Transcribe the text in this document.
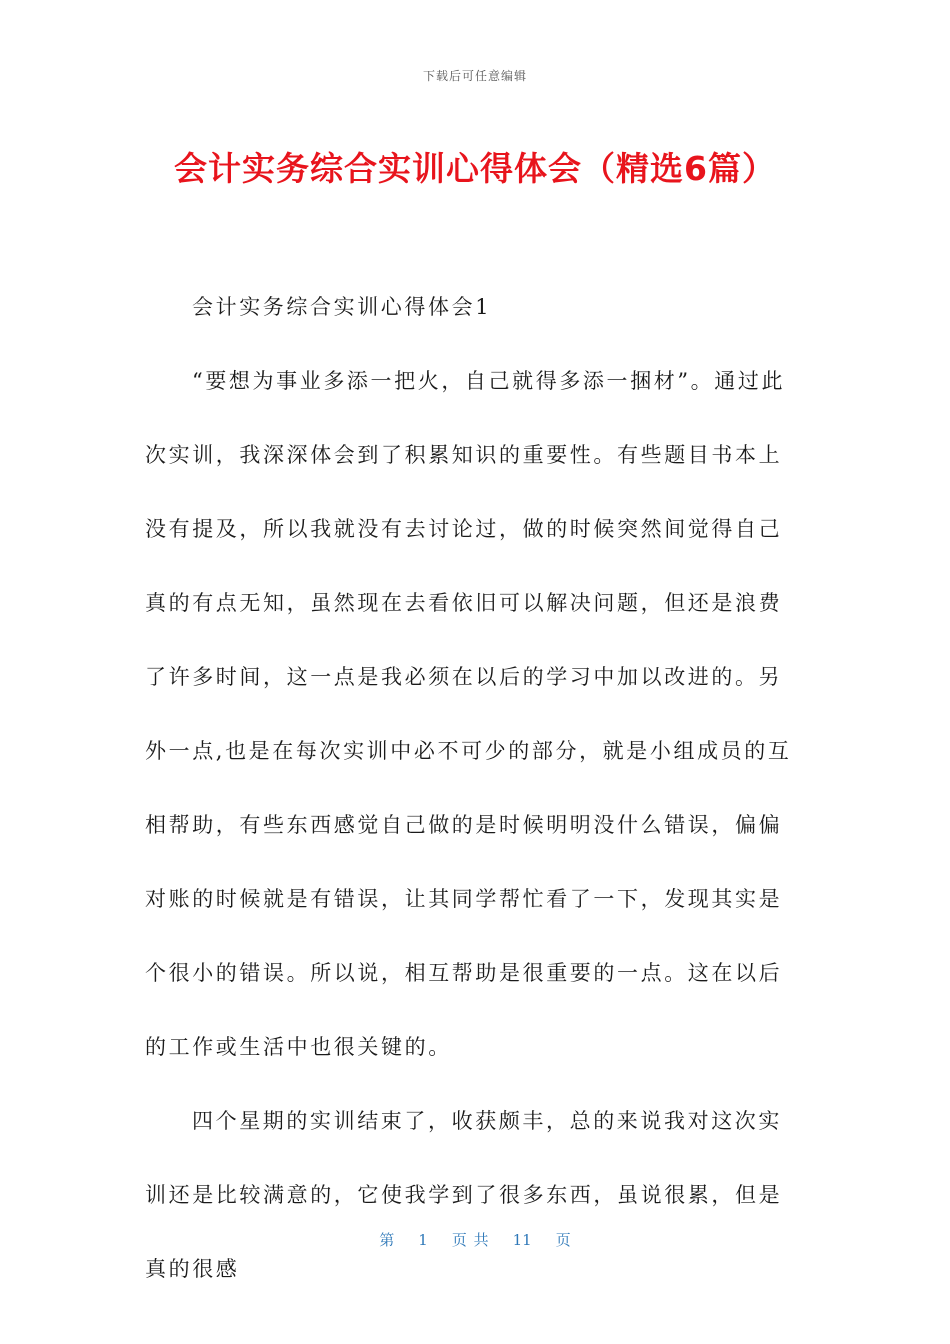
下载后可任意编辑
会计实务综合实训心得体会（精选6篇）

会计实务综合实训心得体会1

“要想为事业多添一把火，自己就得多添一捆材”。通过此次实训，我深深体会到了积累知识的重要性。有些题目书本上没有提及，所以我就没有去讨论过，做的时候突然间觉得自己真的有点无知，虽然现在去看依旧可以解决问题，但还是浪费了许多时间，这一点是我必须在以后的学习中加以改进的。另外一点,也是在每次实训中必不可少的部分，就是小组成员的互相帮助，有些东西感觉自己做的是时候明明没什么错误，偏偏对账的时候就是有错误，让其同学帮忙看了一下，发现其实是个很小的错误。所以说，相互帮助是很重要的一点。这在以后的工作或生活中也很关键的。

四个星期的实训结束了，收获颇丰，总的来说我对这次实训还是比较满意的，它使我学到了很多东西，虽说很累，但是真的很感

第 1 页 共 11 页
